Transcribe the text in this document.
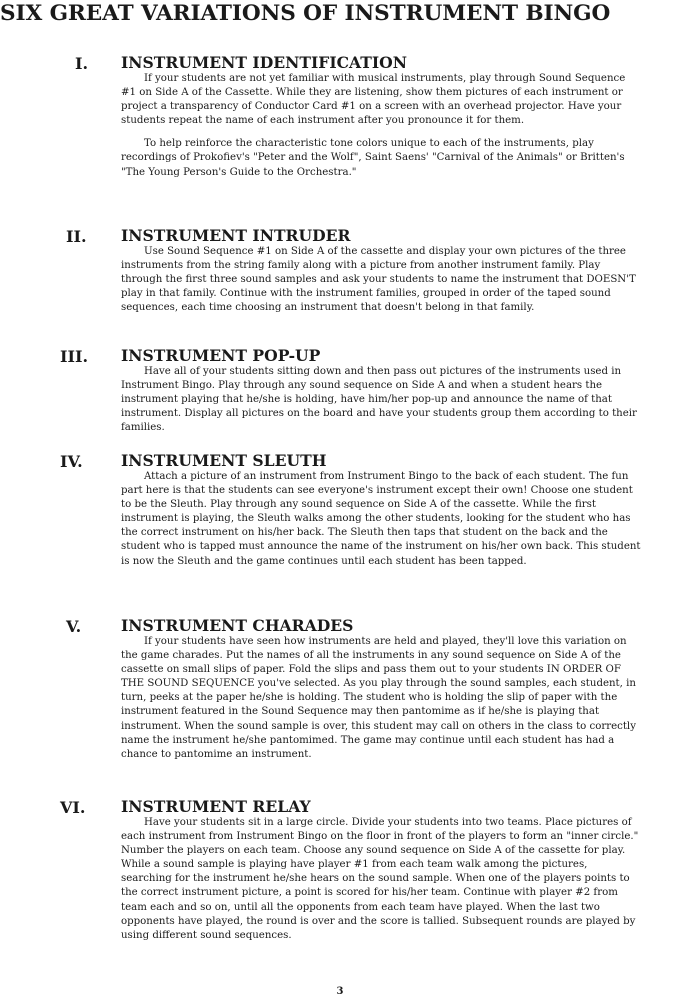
SIX GREAT VARIATIONS OF INSTRUMENT BINGO
I. INSTRUMENT IDENTIFICATION

If your students are not yet familiar with musical instruments, play through Sound Sequence #1 on Side A of the Cassette. While they are listening, show them pictures of each instrument or project a transparency of Conductor Card #1 on a screen with an overhead projector. Have your students repeat the name of each instrument after you pronounce it for them.

To help reinforce the characteristic tone colors unique to each of the instruments, play recordings of Prokofiev's "Peter and the Wolf", Saint Saens' "Carnival of the Animals" or Britten's "The Young Person's Guide to the Orchestra."

II. INSTRUMENT INTRUDER

Use Sound Sequence #1 on Side A of the cassette and display your own pictures of the three instruments from the string family along with a picture from another instrument family. Play through the first three sound samples and ask your students to name the instrument that DOESN'T play in that family. Continue with the instrument families, grouped in order of the taped sound sequences, each time choosing an instrument that doesn't belong in that family.

III. INSTRUMENT POP-UP

Have all of your students sitting down and then pass out pictures of the instruments used in Instrument Bingo. Play through any sound sequence on Side A and when a student hears the instrument playing that he/she is holding, have him/her pop-up and announce the name of that instrument. Display all pictures on the board and have your students group them according to their families.

IV. INSTRUMENT SLEUTH

Attach a picture of an instrument from Instrument Bingo to the back of each student. The fun part here is that the students can see everyone's instrument except their own! Choose one student to be the Sleuth. Play through any sound sequence on Side A of the cassette. While the first instrument is playing, the Sleuth walks among the other students, looking for the student who has the correct instrument on his/her back. The Sleuth then taps that student on the back and the student who is tapped must announce the name of the instrument on his/her own back. This student is now the Sleuth and the game continues until each student has been tapped.

V.	INSTRUMENT CHARADES

If your students have seen how instruments are held and played, they'll love this variation on the game charades. Put the names of all the instruments in any sound sequence on Side A of the cassette on small slips of paper. Fold the slips and pass them out to your students IN ORDER OF THE SOUND SEQUENCE you've selected. As you play through the sound samples, each student, in turn, peeks at the paper he/she is holding. The student who is holding the slip of paper with the instrument featured in the Sound Sequence may then pantomime as if he/she is playing that instrument. When the sound sample is over, this student may call on others in the class to correctly name the instrument he/she pantomimed. The game may continue until each student has had a chance to pantomime an instrument.

VI. INSTRUMENT RELAY

Have your students sit in a large circle. Divide your students into two teams. Place pictures of each instrument from Instrument Bingo on the floor in front of the players to form an "inner circle." Number the players on each team. Choose any sound sequence on Side A of the cassette for play. While a sound sample is playing have player #1 from each team walk among the pictures, searching for the instrument he/she hears on the sound sample. When one of the players points to the correct instrument picture, a point is scored for his/her team. Continue with player #2 from team each and so on, until all the opponents from each team have played. When the last two opponents have played, the round is over and the score is tallied. Subsequent rounds are played by using different sound sequences.

3
